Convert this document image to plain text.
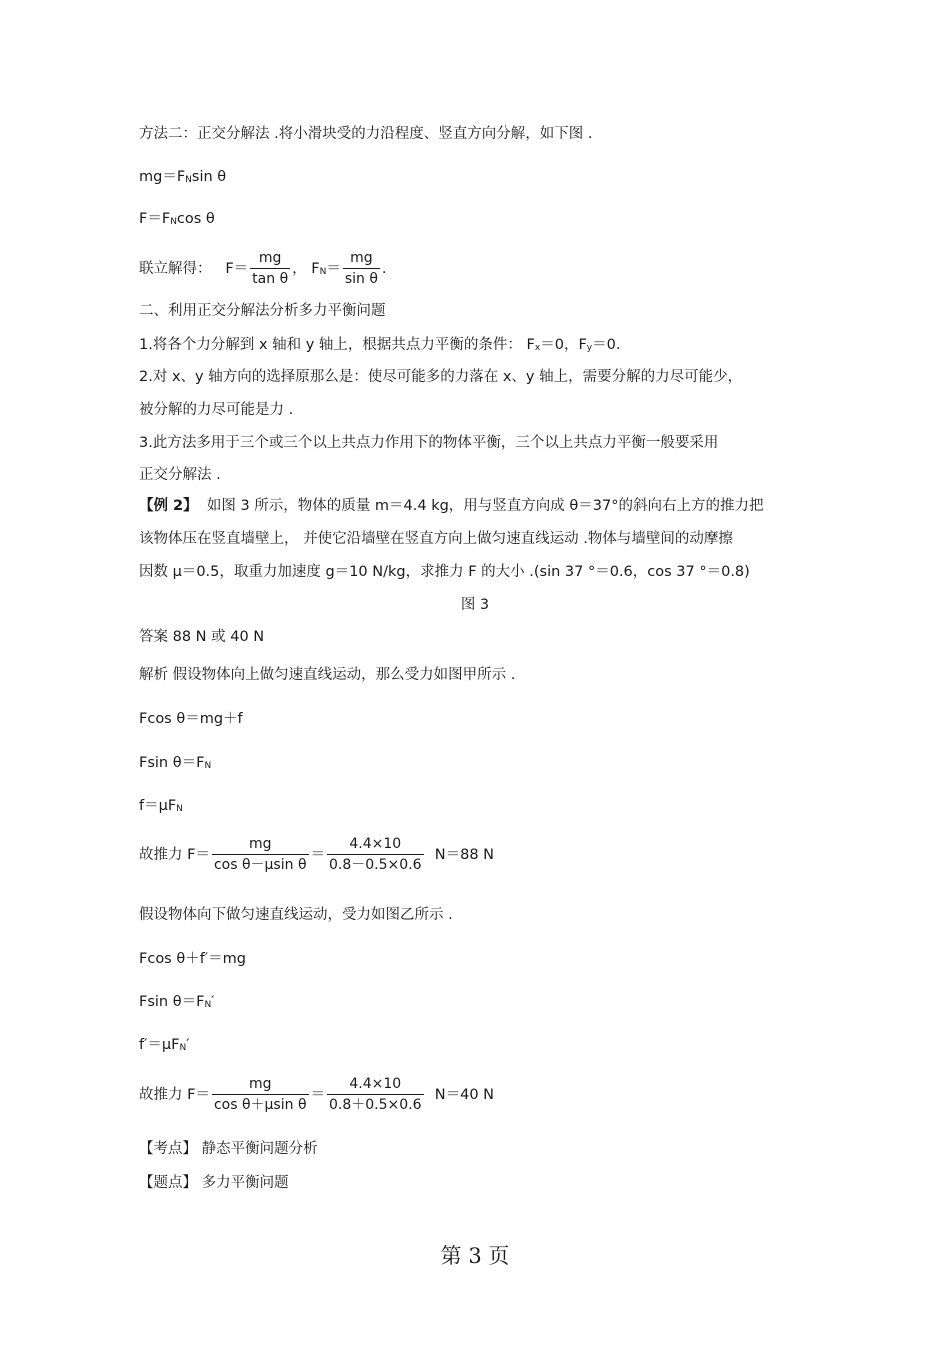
方法二：正交分解法 .将小滑块受的力沿程度、竖直方向分解，如下图 .
$mg=F_N\sin$ θ
$F=F_N\cos$ θ
联立解得： $F= \frac{mg}{\text{tan θ}}$ ， $F_N= \frac{mg}{\text{sin θ}}$ .
二、利用正交分解法分析多力平衡问题
1.将各个力分解到 x 轴和 y 轴上，根据共点力平衡的条件： $F_x=0$，$F_y=0$.
2.对 x、y 轴方向的选择原那么是：使尽可能多的力落在 x、y 轴上，需要分解的力尽可能少，
被分解的力尽可能是力 .
3.此方法多用于三个或三个以上共点力作用下的物体平衡，三个以上共点力平衡一般要采用
正交分解法 .
【例 2】 如图 3 所示，物体的质量 m＝4.4 kg，用与竖直方向成 θ＝37°的斜向右上方的推力把
该物体压在竖直墙壁上， 并使它沿墙壁在竖直方向上做匀速直线运动 .物体与墙壁间的动摩擦
因数 μ＝0.5，取重力加速度 g＝10 N/kg，求推力 F 的大小 .(sin 37 °＝0.6，cos 37 °＝0.8)
图 3
答案 88 N 或 40 N
解析 假设物体向上做匀速直线运动，那么受力如图甲所示 .
Fcos θ＝mg＋f
Fsin $\theta=F_N$
$f=\mu F_N$
故推力 $F= \frac{mg}{\text{cos θ－μsin θ}} = \frac{4.4\times 10}{0.8-0.5\times 0.6} N=88$ N
假设物体向下做匀速直线运动，受力如图乙所示 .
Fcos θ＋f′＝mg
Fsin $\theta=F_N'$
$f'=\mu F_N'$
故推力 $F= \frac{mg}{\text{cos θ＋μsin θ}} = \frac{4.4\times 10}{0.8+0.5\times 0.6} N=40$ N
【考点】 静态平衡问题分析
【题点】 多力平衡问题
第 3 页
